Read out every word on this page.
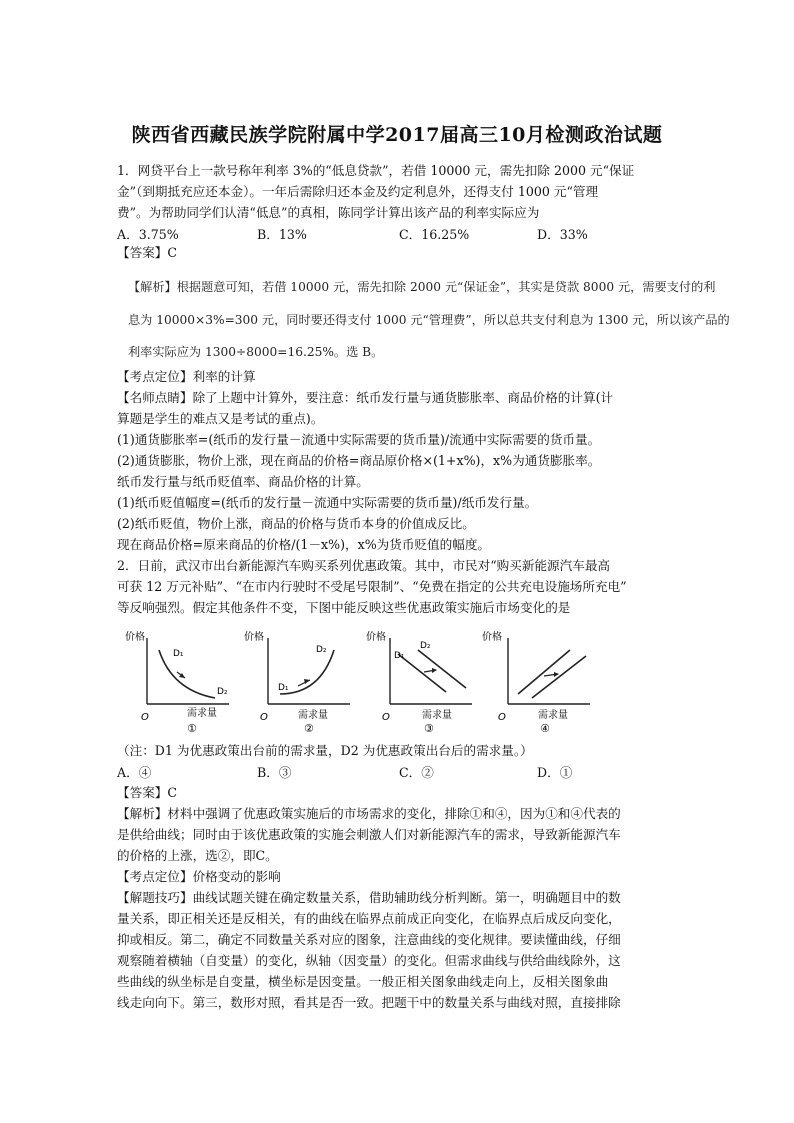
陕西省西藏民族学院附属中学2017届高三10月检测政治试题
1．网贷平台上一款号称年利率 3%的“低息贷款”，若借 10000 元，需先扣除 2000 元“保证
金”（到期抵充应还本金）。一年后需除归还本金及约定利息外，还得支付 1000 元“管理
费”。为帮助同学们认清“低息”的真相，陈同学计算出该产品的利率实际应为
A．3.75%	B．13%	C．16.25%	D．33%
【答案】C
【解析】根据题意可知，若借 10000 元，需先扣除 2000 元“保证金”，其实是贷款 8000 元，需要支付的利
息为 10000×3%=300 元，同时要还得支付 1000 元“管理费”，所以总共支付利息为 1300 元，所以该产品的
利率实际应为 1300÷8000=16.25%。选 B。
【考点定位】利率的计算
【名师点睛】除了上题中计算外，要注意：纸币发行量与通货膨胀率、商品价格的计算(计
算题是学生的难点又是考试的重点)。
(1)通货膨胀率=(纸币的发行量－流通中实际需要的货币量)/流通中实际需要的货币量。
(2)通货膨胀，物价上涨，现在商品的价格=商品原价格×(1+x%)，x%为通货膨胀率。
纸币发行量与纸币贬值率、商品价格的计算。
(1)纸币贬值幅度=(纸币的发行量－流通中实际需要的货币量)/纸币发行量。
(2)纸币贬值，物价上涨，商品的价格与货币本身的价值成反比。
现在商品价格=原来商品的价格/(1－x%)，x%为货币贬值的幅度。
2．日前，武汉市出台新能源汽车购买系列优惠政策。其中，市民对“购买新能源汽车最高
可获 12 万元补贴”、“在市内行驶时不受尾号限制”、“免费在指定的公共充电设施场所充电”
等反响强烈。假定其他条件不变，下图中能反映这些优惠政策实施后市场变化的是
价格
D₁
D₂
需求量
O
①
价格
D₂
D₁
需求量
O
②
价格
D₁
D₂
需求量
O
③
价格
需求量
O
④
（注：D1 为优惠政策出台前的需求量，D2 为优惠政策出台后的需求量。）
A．④	B．③	C．②	D．①
【答案】C
【解析】材料中强调了优惠政策实施后的市场需求的变化，排除①和④，因为①和④代表的
是供给曲线；同时由于该优惠政策的实施会刺激人们对新能源汽车的需求，导致新能源汽车
的价格的上涨，选②，即C。
【考点定位】价格变动的影响
【解题技巧】曲线试题关键在确定数量关系，借助辅助线分析判断。第一，明确题目中的数
量关系，即正相关还是反相关，有的曲线在临界点前成正向变化，在临界点后成反向变化，
抑或相反。第二，确定不同数量关系对应的图象，注意曲线的变化规律。要读懂曲线，仔细
观察随着横轴（自变量）的变化，纵轴（因变量）的变化。但需求曲线与供给曲线除外，这
些曲线的纵坐标是自变量，横坐标是因变量。一般正相关图象曲线走向上，反相关图象曲
线走向向下。第三，数形对照，看其是否一致。把题干中的数量关系与曲线对照，直接排除
